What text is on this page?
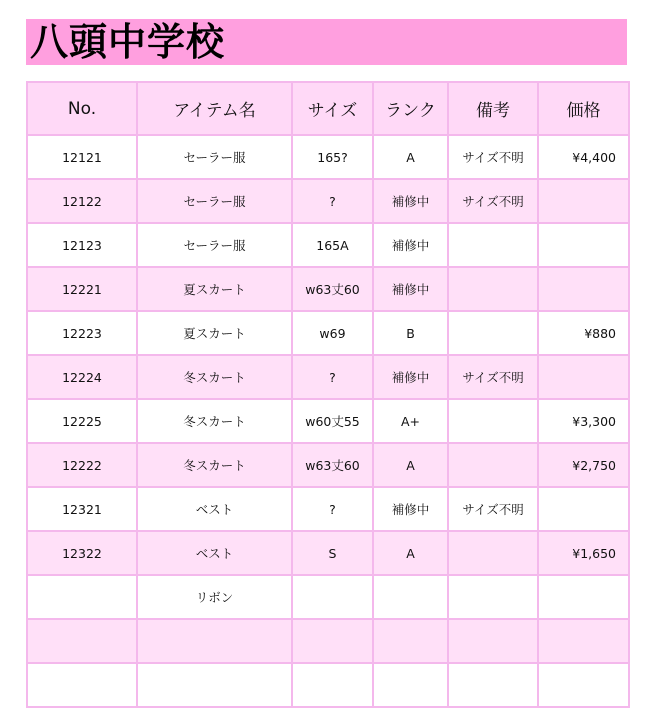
八頭中学校
No.	アイテム名	サイズ	ランク	備考	価格
12121	セーラー服	165?	A	サイズ不明	¥4,400
12122	セーラー服	?	補修中	サイズ不明	
12123	セーラー服	165A	補修中		
12221	夏スカート	w63丈60	補修中		
12223	夏スカート	w69	B		¥880
12224	冬スカート	?	補修中	サイズ不明	
12225	冬スカート	w60丈55	A+		¥3,300
12222	冬スカート	w63丈60	A		¥2,750
12321	ベスト	?	補修中	サイズ不明	
12322	ベスト	S	A		¥1,650
	リボン				
